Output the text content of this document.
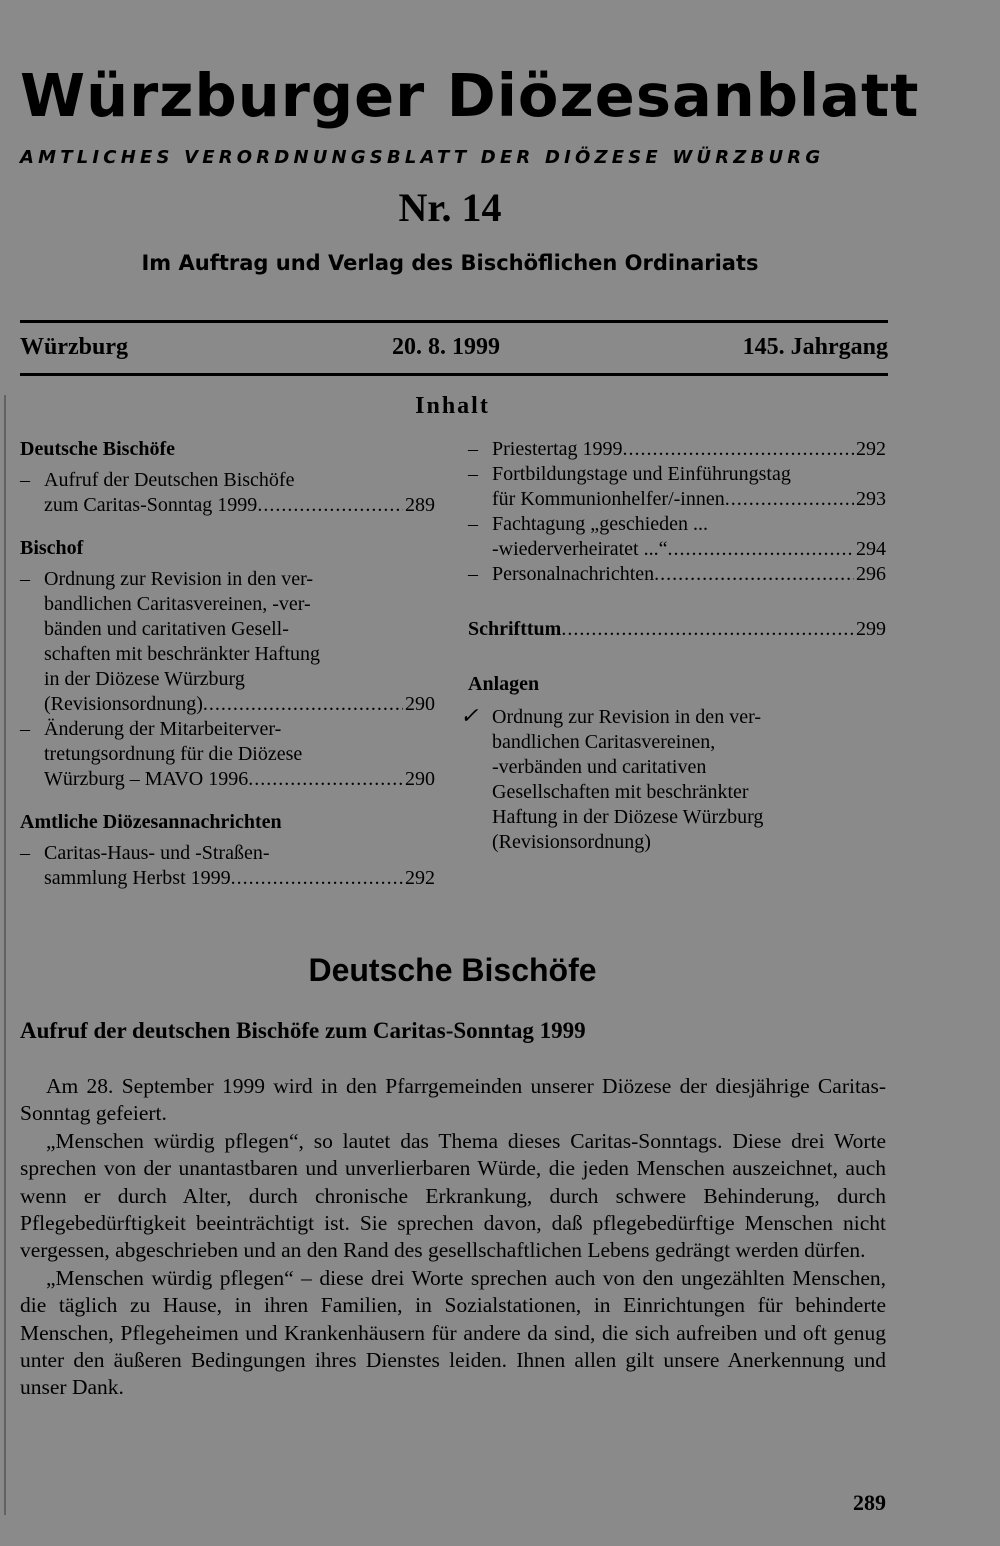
Würzburger Diözesanblatt
AMTLICHES VERORDNUNGSBLATT DER DIÖZESE WÜRZBURG
Nr. 14
Im Auftrag und Verlag des Bischöflichen Ordinariats
Würzburg	20. 8. 1999	145. Jahrgang
Inhalt
Deutsche Bischöfe
– Aufruf der Deutschen Bischöfe
zum Caritas-Sonntag 1999 .....	289
Bischof
– Ordnung zur Revision in den ver-
bandlichen Caritasvereinen, -ver-
bänden und caritativen Gesell-
schaften mit beschränkter Haftung
in der Diözese Würzburg
(Revisionsordnung) .....	290
– Änderung der Mitarbeiterver-
tretungsordnung für die Diözese
Würzburg – MAVO 1996 .....	290
Amtliche Diözesannachrichten
– Caritas-Haus- und -Straßen-
sammlung Herbst 1999 .....	292
– Priestertag 1999 .....	292
– Fortbildungstage und Einführungstag
für Kommunionhelfer/-innen .....	293
– Fachtagung „geschieden ...
-wiederverheiratet ...“ .....	294
– Personalnachrichten .....	296
Schrifttum .....	299
Anlagen
✓ Ordnung zur Revision in den ver-
bandlichen Caritasvereinen,
-verbänden und caritativen
Gesellschaften mit beschränkter
Haftung in der Diözese Würzburg
(Revisionsordnung)
Deutsche Bischöfe
Aufruf der deutschen Bischöfe zum Caritas-Sonntag 1999

Am 28. September 1999 wird in den Pfarrgemeinden unserer Diözese der diesjährige Caritas-Sonntag gefeiert.

„Menschen würdig pflegen“, so lautet das Thema dieses Caritas-Sonntags. Diese drei Worte sprechen von der unantastbaren und unverlierbaren Würde, die jeden Menschen auszeichnet, auch wenn er durch Alter, durch chronische Erkrankung, durch schwere Behinderung, durch Pflegebedürftigkeit beeinträchtigt ist. Sie sprechen davon, daß pflegebedürftige Menschen nicht vergessen, abgeschrieben und an den Rand des gesellschaftlichen Lebens gedrängt werden dürfen.

„Menschen würdig pflegen“ – diese drei Worte sprechen auch von den ungezählten Menschen, die täglich zu Hause, in ihren Familien, in Sozialstationen, in Einrichtungen für behinderte Menschen, Pflegeheimen und Krankenhäusern für andere da sind, die sich aufreiben und oft genug unter den äußeren Bedingungen ihres Dienstes leiden. Ihnen allen gilt unsere Anerkennung und unser Dank.

289
